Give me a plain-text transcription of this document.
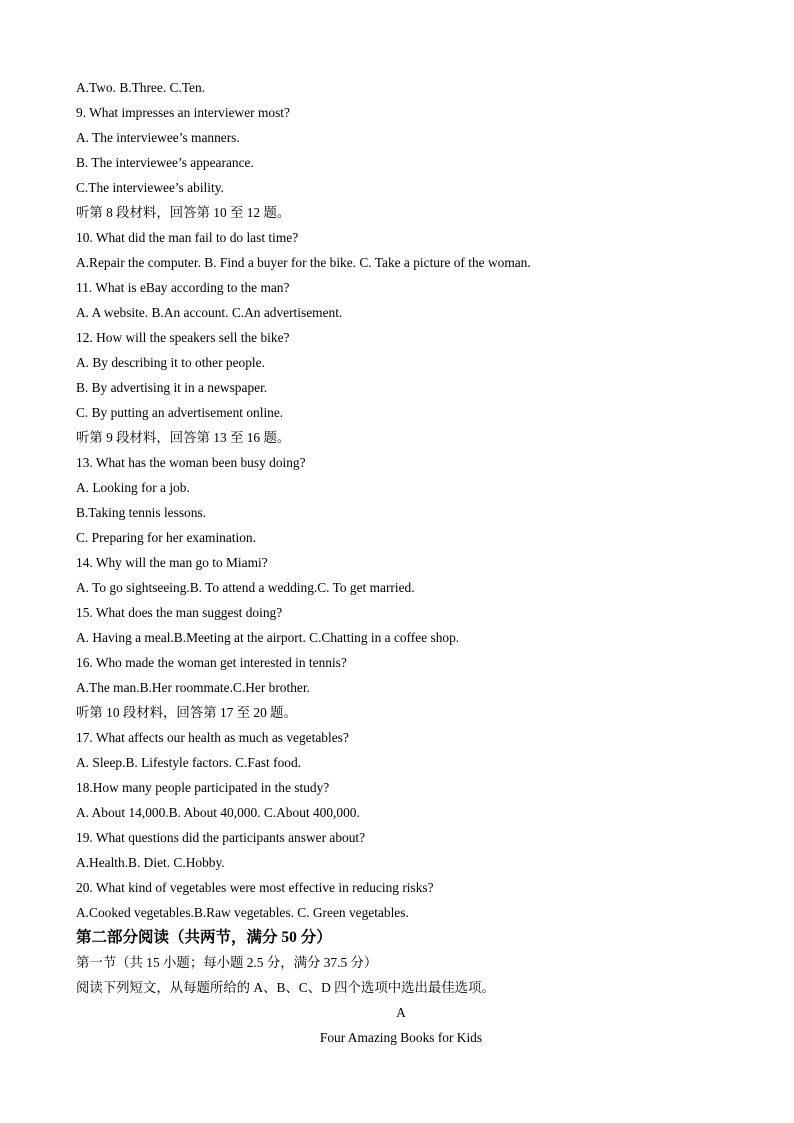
A.Two. B.Three. C.Ten.
9. What impresses an interviewer most?
A. The interviewee’s manners.
B. The interviewee’s appearance.
C.The interviewee’s ability.
听第 8 段材料，回答第 10 至 12 题。
10. What did the man fail to do last time?
A.Repair the computer. B. Find a buyer for the bike. C. Take a picture of the woman.
11. What is eBay according to the man?
A. A website. B.An account. C.An advertisement.
12. How will the speakers sell the bike?
A. By describing it to other people.
B. By advertising it in a newspaper.
C. By putting an advertisement online.
听第 9 段材料，回答第 13 至 16 题。
13. What has the woman been busy doing?
A. Looking for a job.
B.Taking tennis lessons.
C. Preparing for her examination.
14. Why will the man go to Miami?
A. To go sightseeing.B. To attend a wedding.C. To get married.
15. What does the man suggest doing?
A. Having a meal.B.Meeting at the airport. C.Chatting in a coffee shop.
16. Who made the woman get interested in tennis?
A.The man.B.Her roommate.C.Her brother.
听第 10 段材料，回答第 17 至 20 题。
17. What affects our health as much as vegetables?
A. Sleep.B. Lifestyle factors. C.Fast food.
18.How many people participated in the study?
A. About 14,000.B. About 40,000. C.About 400,000.
19. What questions did the participants answer about?
A.Health.B. Diet. C.Hobby.
20. What kind of vegetables were most effective in reducing risks?
A.Cooked vegetables.B.Raw vegetables. C. Green vegetables.
第二部分阅读（共两节，满分 50 分）
第一节（共 15 小题；每小题 2.5 分，满分 37.5 分）
阅读下列短文，从每题所给的 A、B、C、D 四个选项中选出最佳选项。
A
Four Amazing Books for Kids
